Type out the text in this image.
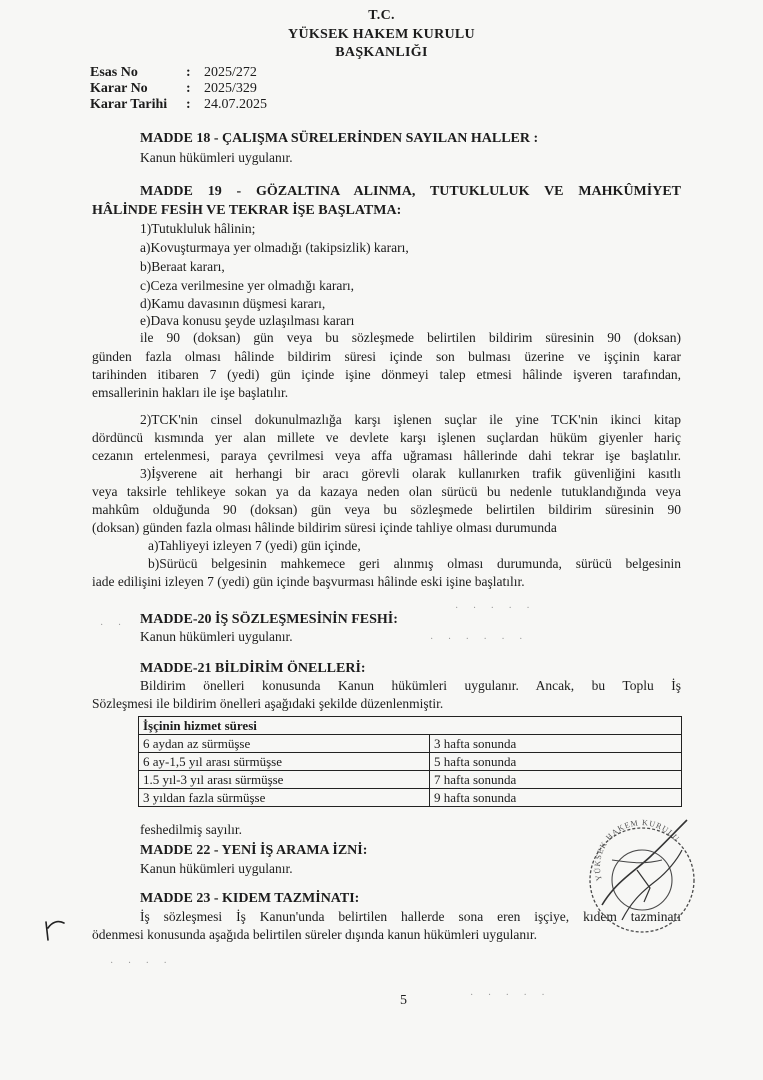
T.C.
YÜKSEK HAKEM KURULU
BAŞKANLIĞI
Esas No	: 2025/272
Karar No	: 2025/329
Karar Tarihi : 24.07.2025
MADDE 18 - ÇALIŞMA SÜRELERİNDEN SAYILAN HALLER :
Kanun hükümleri uygulanır.
MADDE 19 - GÖZALTINA ALINMA, TUTUKLULUK VE MAHKÛMİYET
HÂLİNDE FESİH VE TEKRAR İŞE BAŞLATMA:
1)Tutukluluk hâlinin;
a)Kovuşturmaya yer olmadığı (takipsizlik) kararı,
b)Beraat kararı,
c)Ceza verilmesine yer olmadığı kararı,
d)Kamu davasının düşmesi kararı,
e)Dava konusu şeyde uzlaşılması kararı
ile 90 (doksan) gün veya bu sözleşmede belirtilen bildirim süresinin 90 (doksan)
günden fazla olması hâlinde bildirim süresi içinde son bulması üzerine ve işçinin karar
tarihinden itibaren 7 (yedi) gün içinde işine dönmeyi talep etmesi hâlinde işveren tarafından,
emsallerinin hakları ile işe başlatılır.
2)TCK'nin cinsel dokunulmazlığa karşı işlenen suçlar ile yine TCK'nin ikinci kitap
dördüncü kısmında yer alan millete ve devlete karşı işlenen suçlardan hüküm giyenler hariç
cezanın ertelenmesi, paraya çevrilmesi veya affa uğraması hâllerinde dahi tekrar işe başlatılır.
3)İşverene ait herhangi bir aracı görevli olarak kullanırken trafik güvenliğini kasıtlı
veya taksirle tehlikeye sokan ya da kazaya neden olan sürücü bu nedenle tutuklandığında veya
mahkûm olduğunda 90 (doksan) gün veya bu sözleşmede belirtilen bildirim süresinin 90
(doksan) günden fazla olması hâlinde bildirim süresi içinde tahliye olması durumunda
a)Tahliyeyi izleyen 7 (yedi) gün içinde,
b)Sürücü belgesinin mahkemece geri alınmış olması durumunda, sürücü belgesinin
iade edilişini izleyen 7 (yedi) gün içinde başvurması hâlinde eski işine başlatılır.
MADDE-20 İŞ SÖZLEŞMESİNİN FESHİ:
Kanun hükümleri uygulanır.
MADDE-21 BİLDİRİM ÖNELLERİ:
Bildirim önelleri konusunda Kanun hükümleri uygulanır. Ancak, bu Toplu İş
İşçinin hizmet süresi	
6 aydan az sürmüşse	3 hafta sonunda
6 ay-1,5 yıl arası sürmüşse	5 hafta sonunda
1.5 yıl-3 yıl arası sürmüşse	7 hafta sonunda
3 yıldan fazla sürmüşse	9 hafta sonunda
Sözleşmesi ile bildirim önelleri aşağıdaki şekilde düzenlenmiştir.
feshedilmiş sayılır.
MADDE 22 - YENİ İŞ ARAMA İZNİ:
Kanun hükümleri uygulanır.
MADDE 23 - KIDEM TAZMİNATI:
İş sözleşmesi İş Kanun'unda belirtilen hallerde sona eren işçiye, kıdem tazminatı
ödenmesi konusunda aşağıda belirtilen süreler dışında kanun hükümleri uygulanır.
5
YÜKSEK HAKEM KURULU
· · · · ·
· · · · · ·
· ·
· · · · ·
· · · ·
